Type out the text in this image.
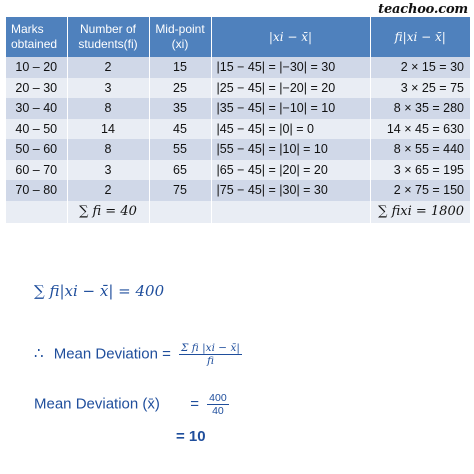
teachoo.com
Marks obtained	Number of students(fi)	Mid-point (xi)	|xi − x̄|	fi|xi − x̄|
10 – 20	2	15	|15 − 45| = |−30| = 30	2 × 15 = 30
20 – 30	3	25	|25 − 45| = |−20| = 20	3 × 25 = 75
30 – 40	8	35	|35 − 45| = |−10| = 10	8 × 35 = 280
40 – 50	14	45	|45 − 45| = |0| = 0	14 × 45 = 630
50 – 60	8	55	|55 − 45| = |10| = 10	8 × 55 = 440
60 – 70	3	65	|65 − 45| = |20| = 20	3 × 65 = 195
70 – 80	2	75	|75 − 45| = |30| = 30	2 × 75 = 150
	∑ fi = 40			∑ fixi = 1800
∑ fi|xi − x̄| = 400
∴ Mean Deviation = $\frac{\text{Σ fi |xi − x̄|}}{fi}$
Mean Deviation (x̄) = $\frac{400}{40}$
= 10
